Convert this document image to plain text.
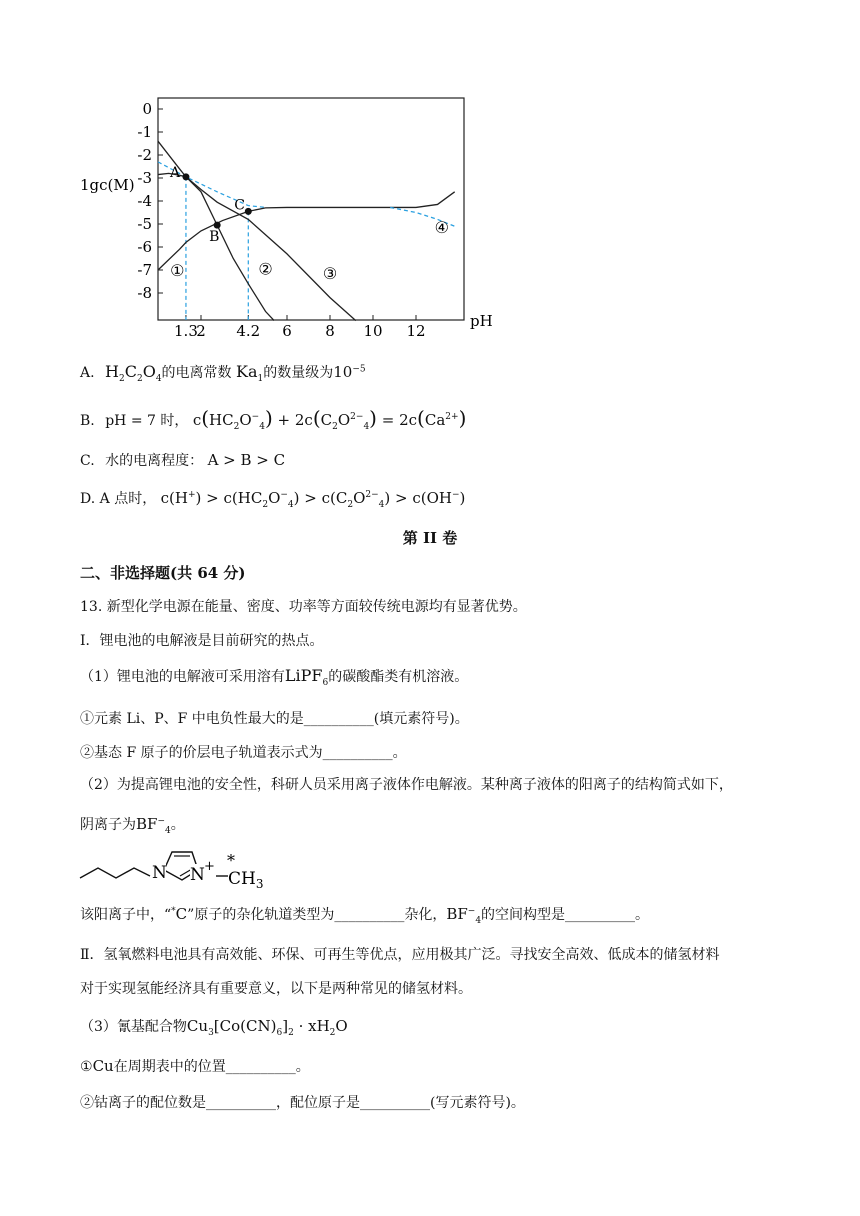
0
-1
-2
-3
-4
-5
-6
-7
-8
1.3
2 4.2 6 8 10 12
A
B
C
①	②	③
④
1gc(M)
pH
A. $H_2C_2O_4$的电离常数 $Ka_1$的数量级为$10^{-5}$
B. pH = 7 时， $c(HC_2O^-_4) + 2c(C_2O^{2-}_4) = 2c(Ca^{2+})$
C. 水的电离程度： A > B > C
D. A 点时， $c(H^+) > c(HC_2O^-_4) > c(C_2O^{2-}_4) > c(OH^-)$
第 II 卷
二、非选择题(共 64 分)
13. 新型化学电源在能量、密度、功率等方面较传统电源均有显著优势。
I．锂电池的电解液是目前研究的热点。
（1）锂电池的电解液可采用溶有LiPF$_6$的碳酸酯类有机溶液。
①元素 Li、P、F 中电负性最大的是__________(填元素符号)。
②基态 F 原子的价层电子轨道表示式为__________。
（2）为提高锂电池的安全性，科研人员采用离子液体作电解液。某种离子液体的阳离子的结构简式如下，
阴离子为$BF^-_4$。
N N + *
$CH_3$
该阳离子中，“*C”原子的杂化轨道类型为__________杂化，$BF^-_4$的空间构型是__________。
Ⅱ．氢氧燃料电池具有高效能、环保、可再生等优点，应用极其广泛。寻找安全高效、低成本的储氢材料
对于实现氢能经济具有重要意义，以下是两种常见的储氢材料。
（3）氰基配合物$Cu_3[Co(CN)_6]_2 \cdot xH_2O$
①Cu在周期表中的位置__________。
②钴离子的配位数是__________，配位原子是__________(写元素符号)。
